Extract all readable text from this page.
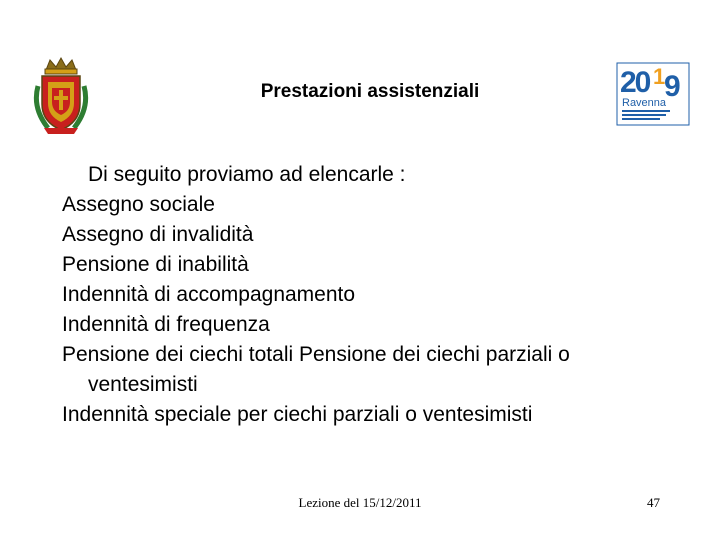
Prestazioni assistenziali	20 1
9
Ravenna
Di seguito proviamo ad elencarle :
Assegno sociale
Assegno di invalidità
Pensione di inabilità
Indennità di accompagnamento
Indennità di frequenza
Pensione dei ciechi totali Pensione dei ciechi parziali o
ventesimisti
Indennità speciale per ciechi parziali o ventesimisti
Lezione del 15/12/2011	47
